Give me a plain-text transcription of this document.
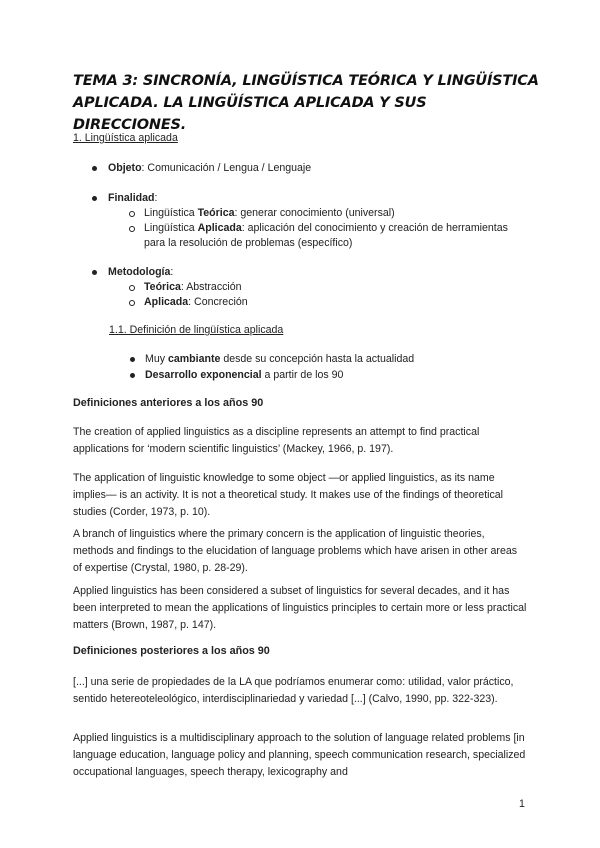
TEMA 3: SINCRONÍA, LINGÜÍSTICA TEÓRICA Y LINGÜÍSTICA APLICADA. LA LINGÜÍSTICA APLICADA Y SUS DIRECCIONES.
1. Lingüística aplicada
Objeto: Comunicación / Lengua / Lenguaje
Finalidad:
Lingüística Teórica: generar conocimiento (universal)
Lingüística Aplicada: aplicación del conocimiento y creación de herramientas
para la resolución de problemas (específico)
Metodología:
Teórica: Abstracción
Aplicada: Concreción
1.1. Definición de lingüística aplicada
Muy cambiante desde su concepción hasta la actualidad
Desarrollo exponencial a partir de los 90
Definiciones anteriores a los años 90
The creation of applied linguistics as a discipline represents an attempt to find practical applications for ‘modern scientific linguistics’ (Mackey, 1966, p. 197).
The application of linguistic knowledge to some object —or applied linguistics, as its name implies— is an activity. It is not a theoretical study. It makes use of the findings of theoretical studies (Corder, 1973, p. 10).
A branch of linguistics where the primary concern is the application of linguistic theories, methods and findings to the elucidation of language problems which have arisen in other areas of expertise (Crystal, 1980, p. 28-29).
Applied linguistics has been considered a subset of linguistics for several decades, and it has been interpreted to mean the applications of linguistics principles to certain more or less practical matters (Brown, 1987, p. 147).
Definiciones posteriores a los años 90
[...] una serie de propiedades de la LA que podríamos enumerar como: utilidad, valor práctico, sentido hetereoteleológico, interdisciplinariedad y variedad [...] (Calvo, 1990, pp. 322-323).
Applied linguistics is a multidisciplinary approach to the solution of language related problems [in language education, language policy and planning, speech communication research, specialized occupational languages, speech therapy, lexicography and
1
